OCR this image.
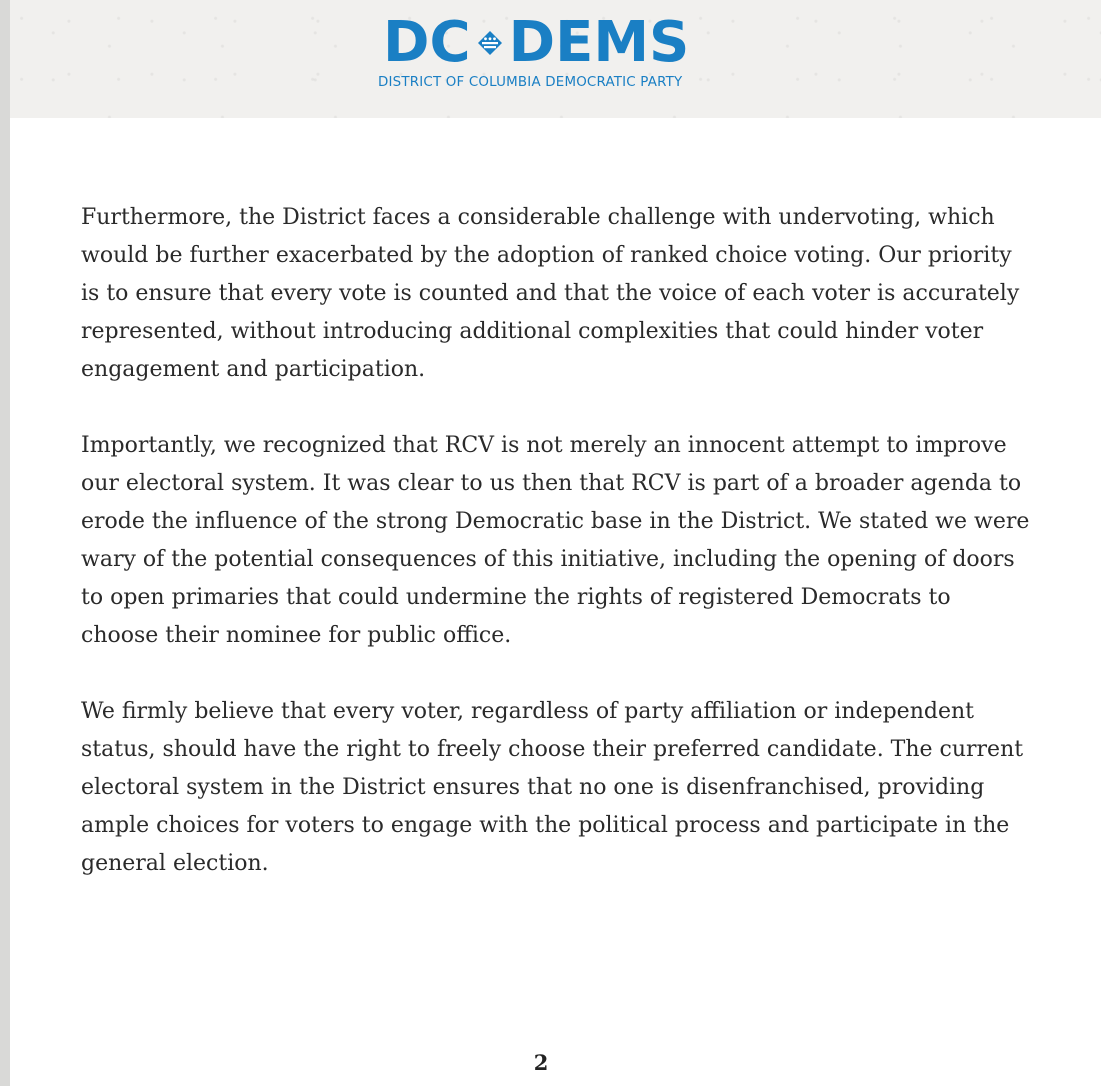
DC DEMS
DISTRICT OF COLUMBIA DEMOCRATIC PARTY

Furthermore, the District faces a considerable challenge with undervoting, which
would be further exacerbated by the adoption of ranked choice voting. Our priority
is to ensure that every vote is counted and that the voice of each voter is accurately
represented, without introducing additional complexities that could hinder voter
engagement and participation.

Importantly, we recognized that RCV is not merely an innocent attempt to improve
our electoral system. It was clear to us then that RCV is part of a broader agenda to
erode the influence of the strong Democratic base in the District. We stated we were
wary of the potential consequences of this initiative, including the opening of doors
to open primaries that could undermine the rights of registered Democrats to
choose their nominee for public office.

We firmly believe that every voter, regardless of party affiliation or independent
status, should have the right to freely choose their preferred candidate. The current
electoral system in the District ensures that no one is disenfranchised, providing
ample choices for voters to engage with the political process and participate in the
general election.

2
